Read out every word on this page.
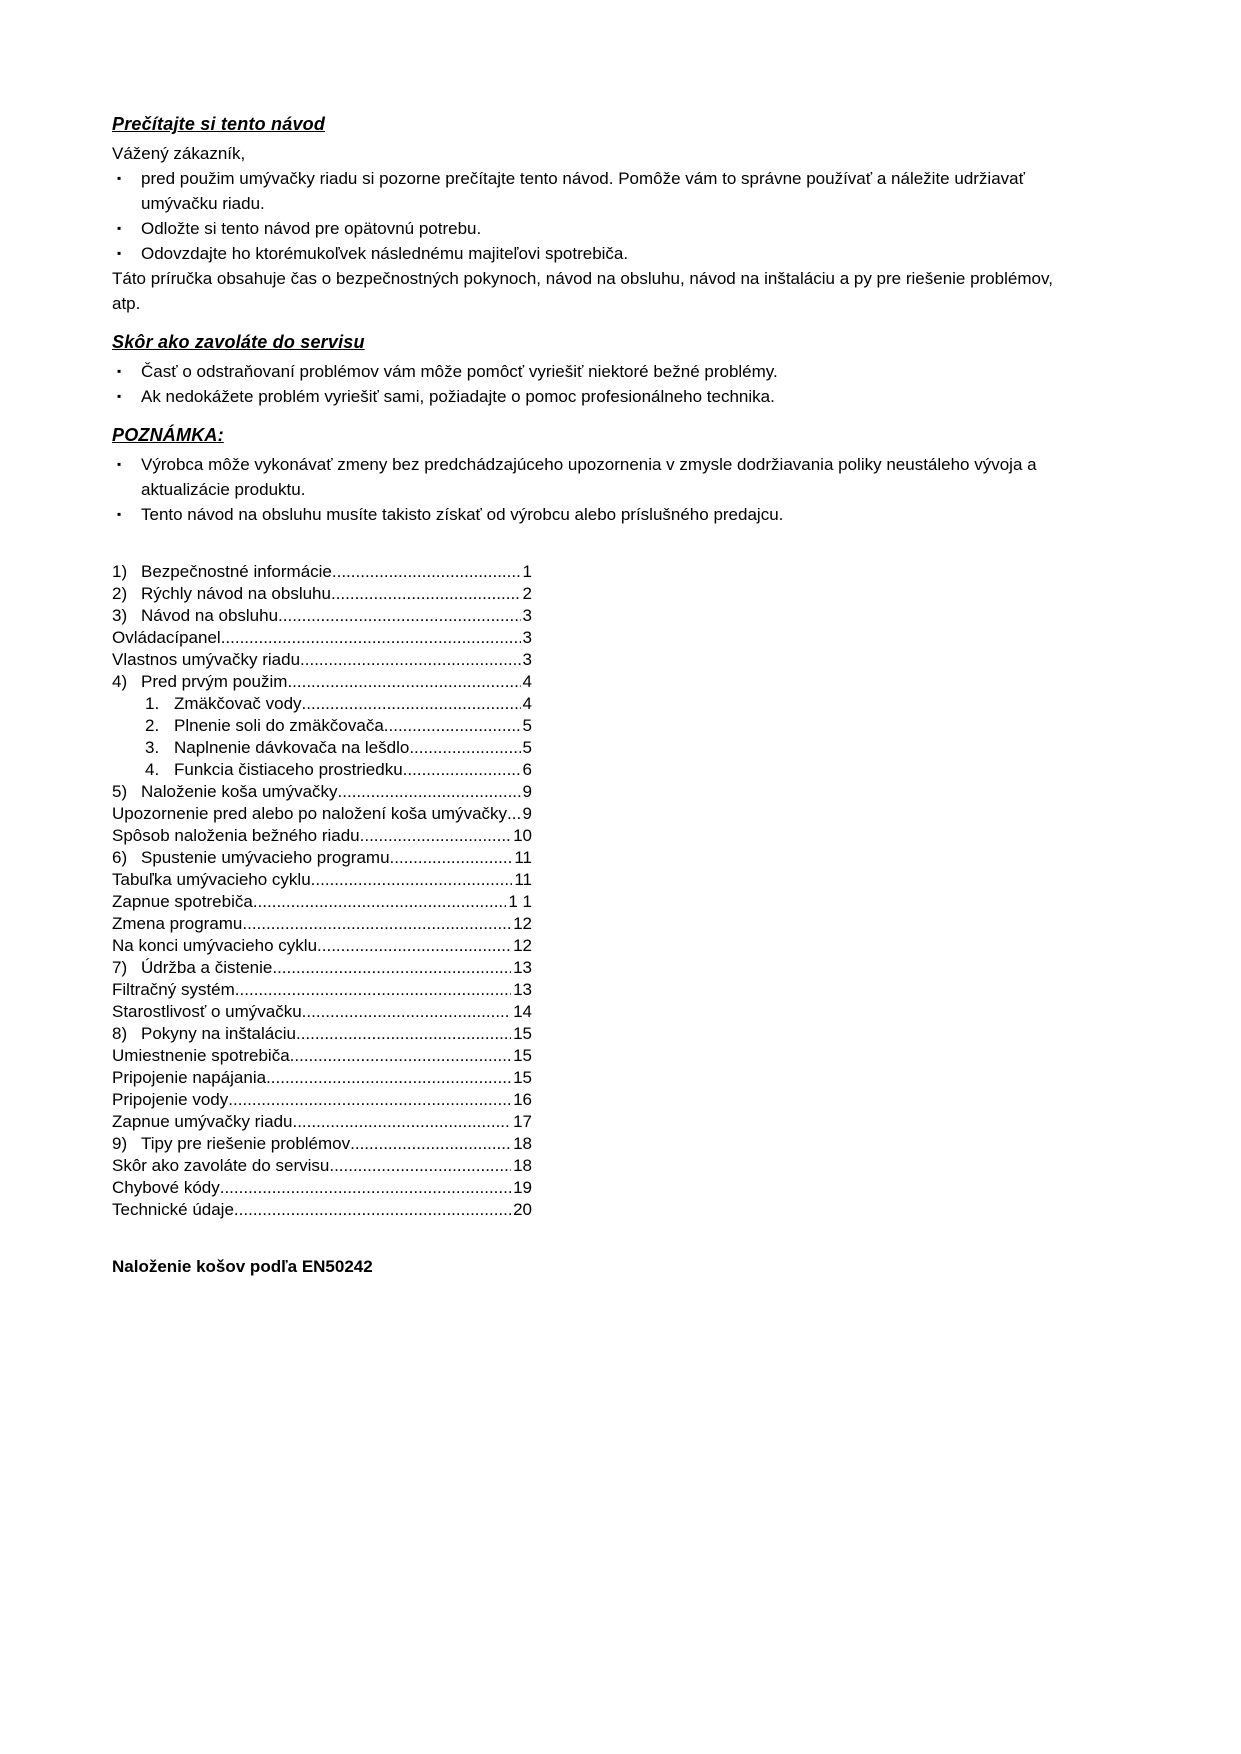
Prečítajte si tento návod

Vážený zákazník,

▪ pred použim umývačky riadu si pozorne prečítajte tento návod. Pomôže vám to správne používať a náležite udržiavať umývačku riadu.
▪ Odložte si tento návod pre opätovnú potrebu.
▪ Odovzdajte ho ktorémukoľvek následnému majiteľovi spotrebiča.

Táto príručka obsahuje čas o bezpečnostných pokynoch, návod na obsluhu, návod na inštaláciu a py pre riešenie problémov, atp.

Skôr ako zavoláte do servisu
▪ Časť o odstraňovaní problémov vám môže pomôcť vyriešiť niektoré bežné problémy.
▪ Ak nedokážete problém vyriešiť sami, požiadajte o pomoc profesionálneho technika.
POZNÁMKA:
▪ Výrobca môže vykonávať zmeny bez predchádzajúceho upozornenia v zmysle dodržiavania poliky neustáleho vývoja a aktualizácie produktu.
▪ Tento návod na obsluhu musíte takisto získať od výrobcu alebo príslušného predajcu.
1) Bezpečnostné informácie .....	1
2) Rýchly návod na obsluhu .....	2
3) Návod na obsluhu .....	3
Ovládacípanel .....	3
Vlastnos umývačky riadu .....	3
4) Pred prvým použim .....	4
1. Zmäkčovač vody .....	4
2. Plnenie soli do zmäkčovača. .....	5
3. Naplnenie dávkovača na lešdlo .....	5
4. Funkcia čistiaceho prostriedku .....	6
5) Naloženie koša umývačky .....	9
Upozornenie pred alebo po naložení koša umývačky ..... 9
Spôsob naloženia bežného riadu .....	10
6) Spustenie umývacieho programu .....	11
Tabuľka umývacieho cyklu .....	11
Zapnue spotrebiča .....	1 1
Zmena programu .....	12
Na konci umývacieho cyklu .....	12
7) Údržba a čistenie .....	13
Filtračný systém .....	13
Starostlivosť o umývačku .....	14
8) Pokyny na inštaláciu .....	15
Umiestnenie spotrebiča .....	15
Pripojenie napájania .....	15
Pripojenie vody .....	16
Zapnue umývačky riadu .....	17
9) Tipy pre riešenie problémov .....	18
Skôr ako zavoláte do servisu .....	18
Chybové kódy .....	19
Technické údaje .....	20

Naloženie košov podľa EN50242
